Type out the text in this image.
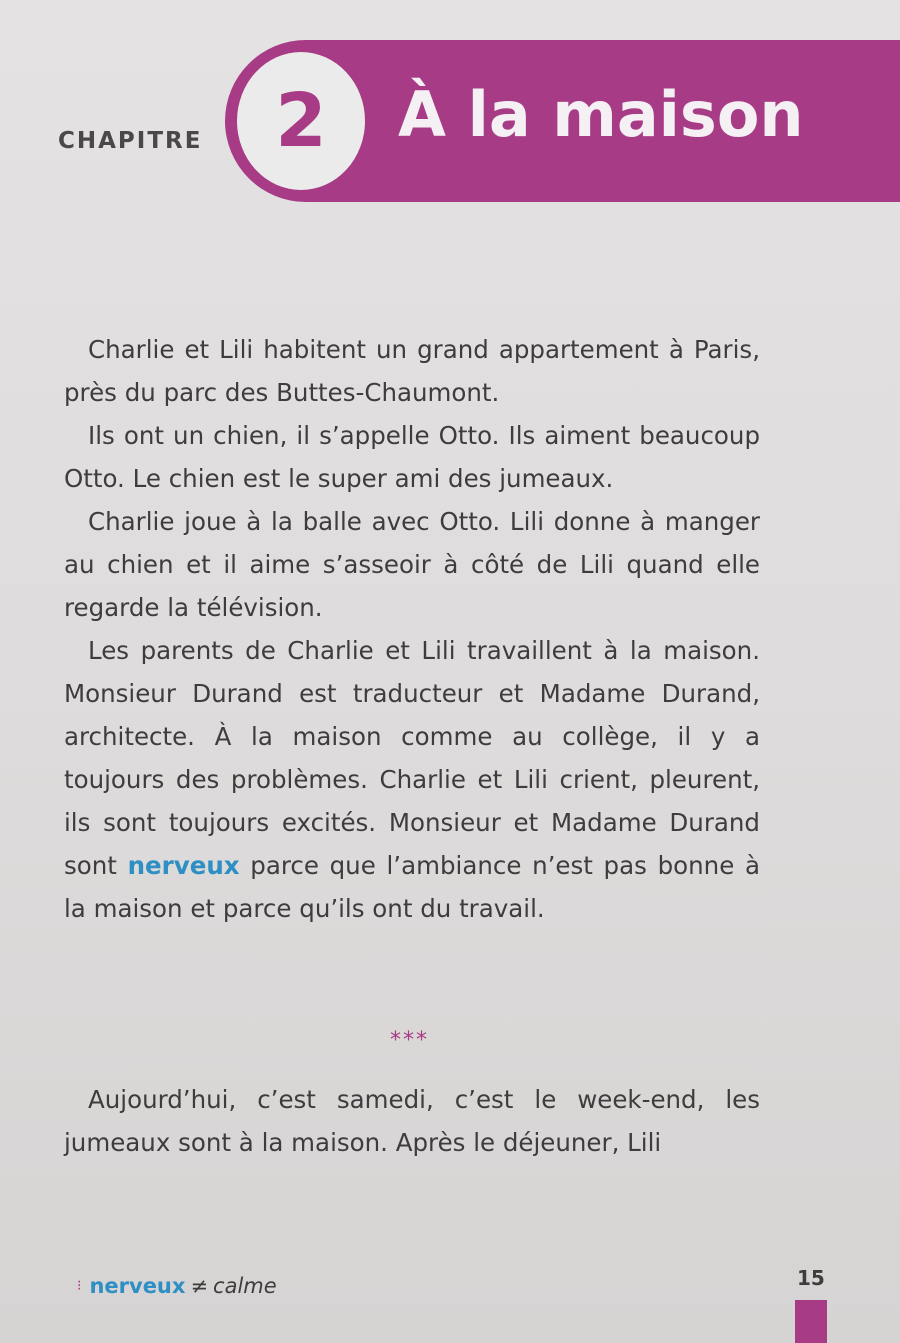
CHAPITRE 2	À la maison

Charlie et Lili habitent un grand appartement à Paris, près du parc des Buttes-Chaumont.

Ils ont un chien, il s’appelle Otto. Ils aiment beaucoup Otto. Le chien est le super ami des jumeaux.

Charlie joue à la balle avec Otto. Lili donne à manger au chien et il aime s’asseoir à côté de Lili quand elle regarde la télévision.

Les parents de Charlie et Lili travaillent à la maison. Monsieur Durand est traducteur et Madame Durand, architecte. À la maison comme au collège, il y a toujours des problèmes. Charlie et Lili crient, pleurent, ils sont toujours excités. Monsieur et Madame Durand sont nerveux parce que l’ambiance n’est pas bonne à la maison et parce qu’ils ont du travail.

***

Aujourd’hui, c’est samedi, c’est le week-end, les jumeaux sont à la maison. Après le déjeuner, Lili

⁝ nerveux ≠ calme	15
